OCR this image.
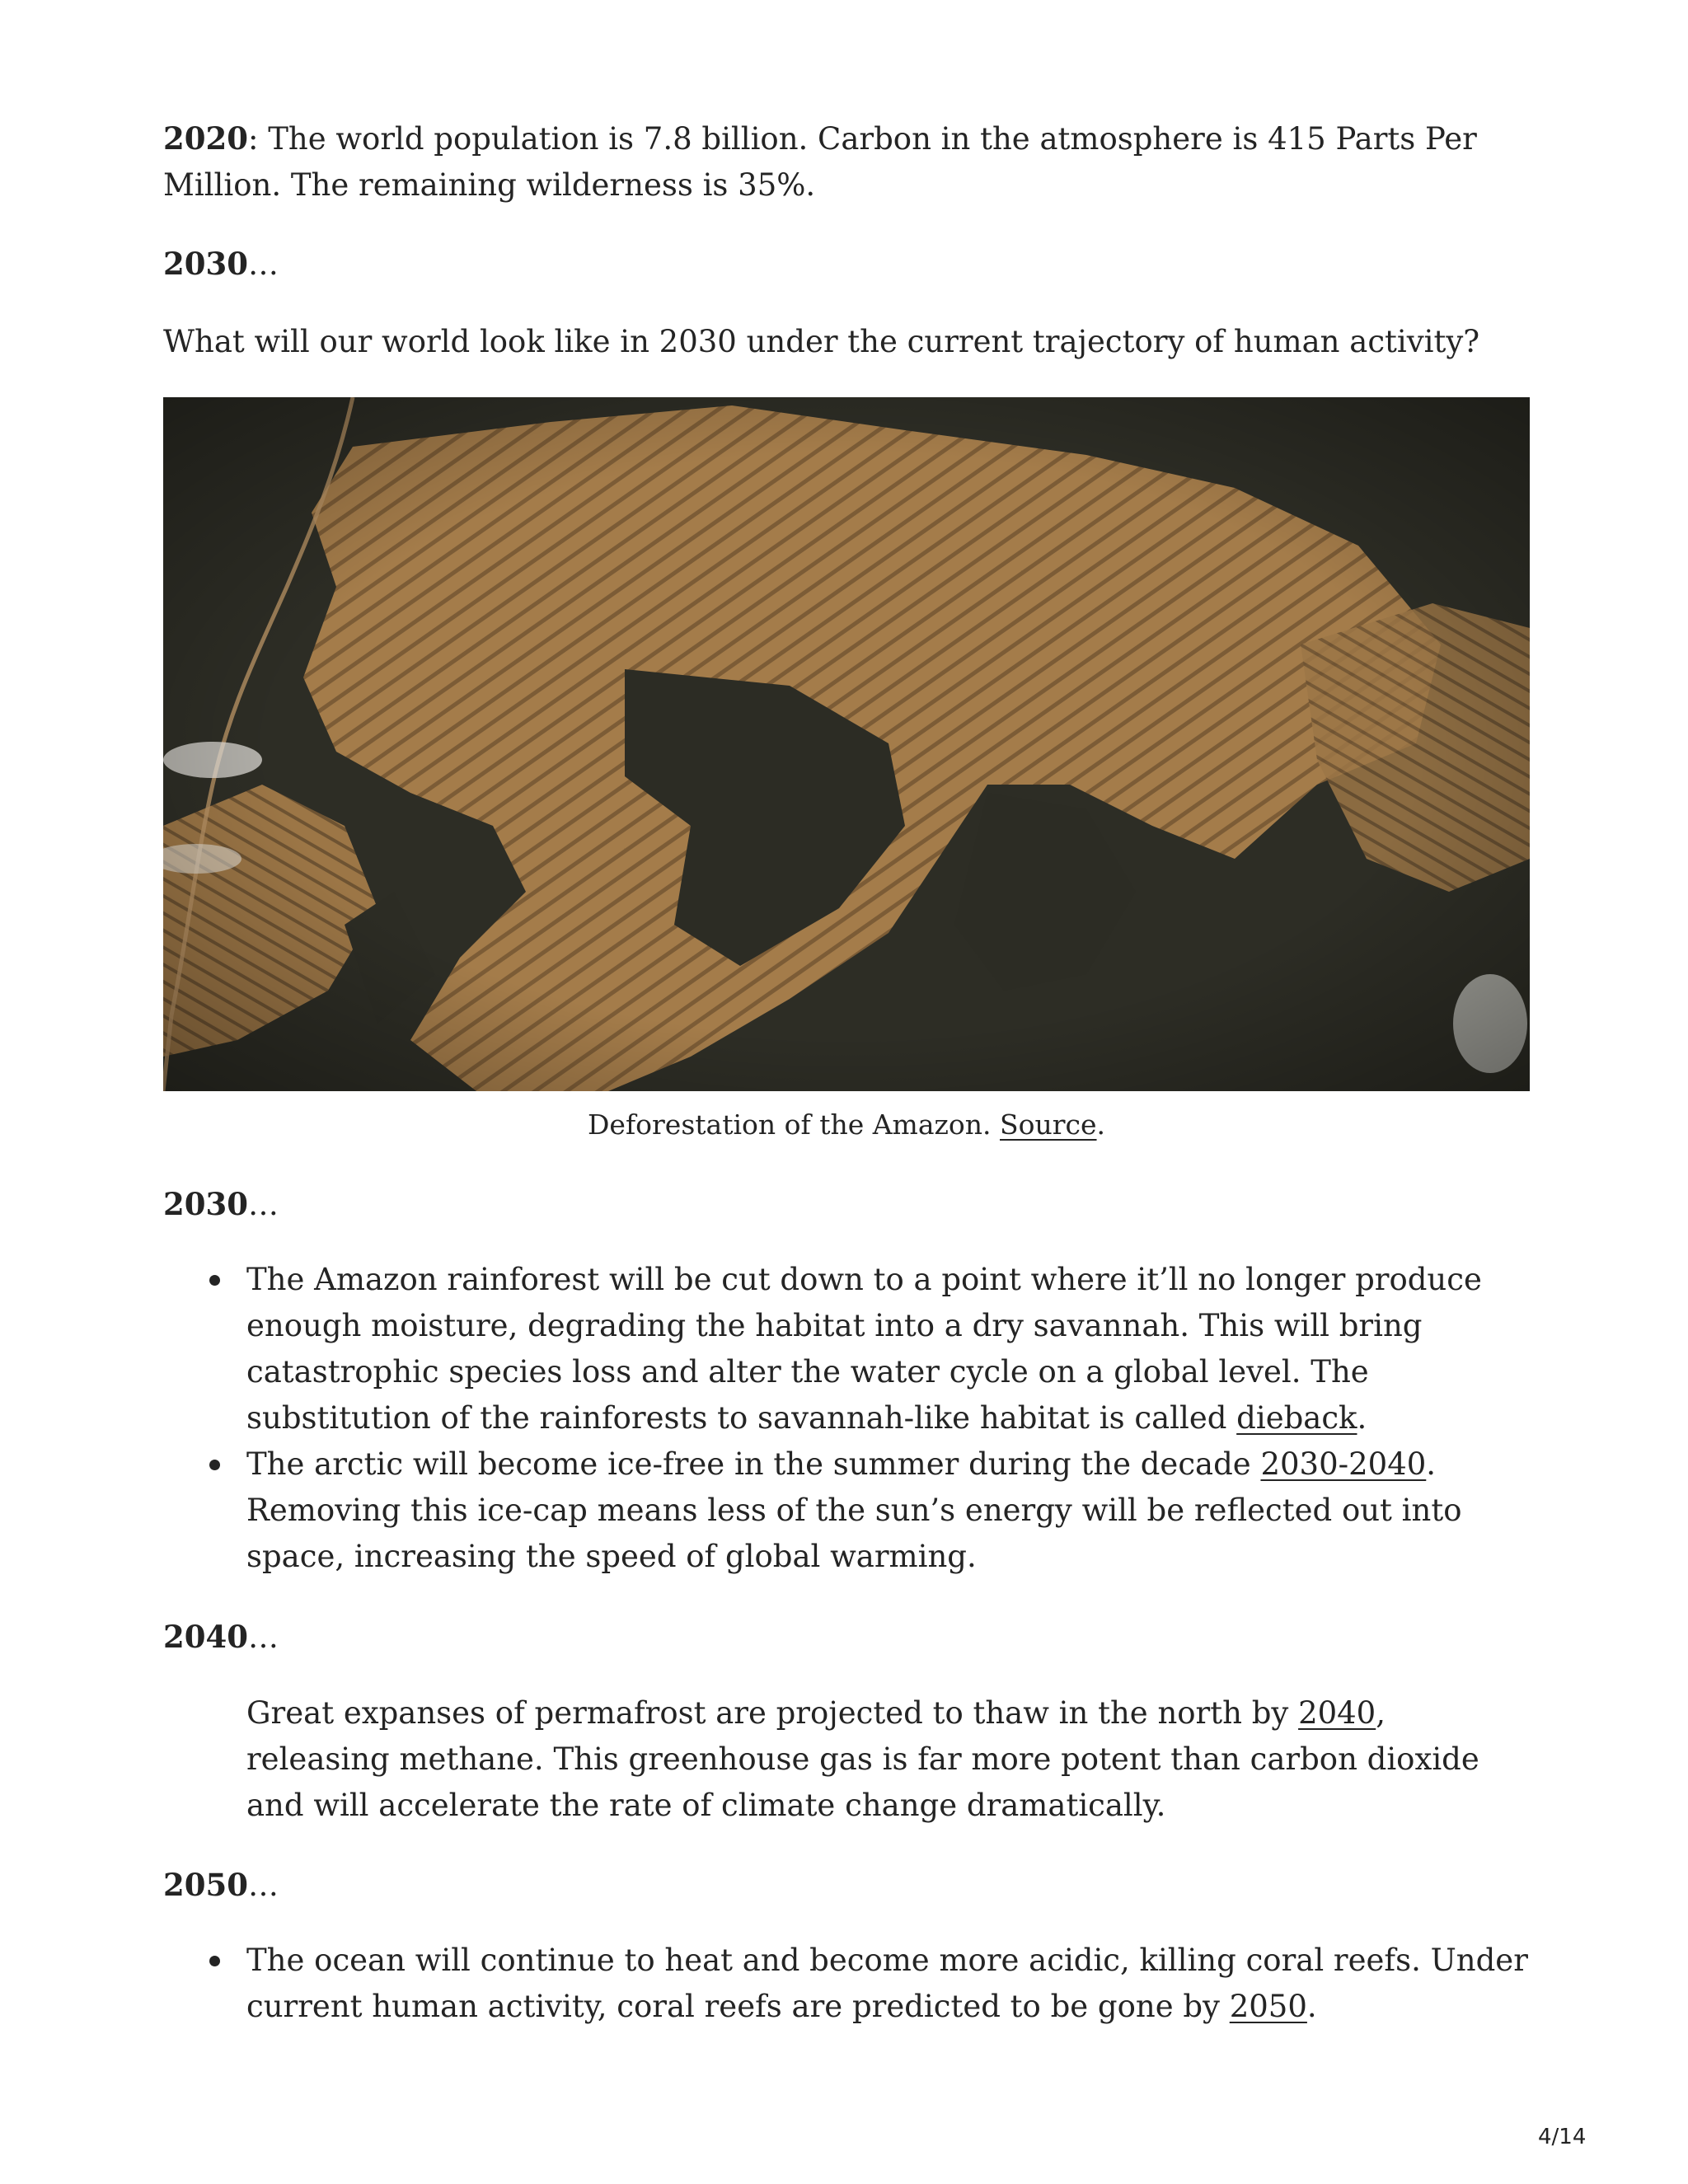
2020: The world population is 7.8 billion. Carbon in the atmosphere is 415 Parts Per Million. The remaining wilderness is 35%.

2030…

What will our world look like in 2030 under the current trajectory of human activity?

Deforestation of the Amazon. Source.

2030…

The Amazon rainforest will be cut down to a point where it’ll no longer produce enough moisture, degrading the habitat into a dry savannah. This will bring catastrophic species loss and alter the water cycle on a global level. The substitution of the rainforests to savannah-like habitat is called dieback.
The arctic will become ice-free in the summer during the decade 2030-2040. Removing this ice-cap means less of the sun’s energy will be reflected out into space, increasing the speed of global warming.

2040…

Great expanses of permafrost are projected to thaw in the north by 2040, releasing methane. This greenhouse gas is far more potent than carbon dioxide and will accelerate the rate of climate change dramatically.

2050…

The ocean will continue to heat and become more acidic, killing coral reefs. Under current human activity, coral reefs are predicted to be gone by 2050.
4/14
